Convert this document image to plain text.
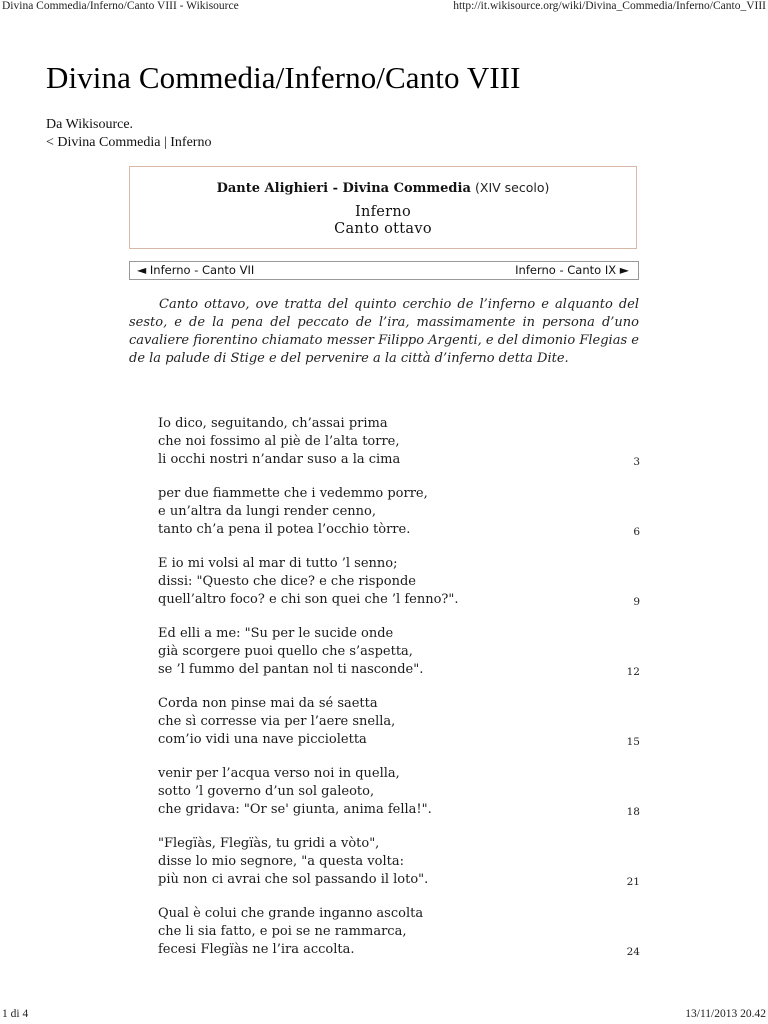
Divina Commedia/Inferno/Canto VIII - Wikisource	http://it.wikisource.org/wiki/Divina_Commedia/Inferno/Canto_VIII
Divina Commedia/Inferno/Canto VIII
Da Wikisource.
< Divina Commedia | Inferno
Dante Alighieri - Divina Commedia (XIV secolo)
Inferno
Canto ottavo
◄ Inferno - Canto VII	Inferno - Canto IX ►

Canto ottavo, ove tratta del quinto cerchio de l’inferno e alquanto del sesto, e de la pena del peccato de l’ira, massimamente in persona d’uno cavaliere fiorentino chiamato messer Filippo Argenti, e del dimonio Flegias e de la palude di Stige e del pervenire a la città d’inferno detta Dite.

Io dico, seguitando, ch’assai prima
che noi fossimo al piè de l’alta torre,
li occhi nostri n’andar suso a la cima	3
per due fiammette che i vedemmo porre,
e un’altra da lungi render cenno,
tanto ch’a pena il potea l’occhio tòrre.	6
E io mi volsi al mar di tutto ’l senno;
dissi: "Questo che dice? e che risponde
quell’altro foco? e chi son quei che ’l fenno?".	9
Ed elli a me: "Su per le sucide onde
già scorgere puoi quello che s’aspetta,
se ’l fummo del pantan nol ti nasconde".	12
Corda non pinse mai da sé saetta
che sì corresse via per l’aere snella,
com’io vidi una nave piccioletta	15
venir per l’acqua verso noi in quella,
sotto ’l governo d’un sol galeoto,
che gridava: "Or se' giunta, anima fella!".	18
"Flegïàs, Flegïàs, tu gridi a vòto",
disse lo mio segnore, "a questa volta:
più non ci avrai che sol passando il loto".	21
Qual è colui che grande inganno ascolta
che li sia fatto, e poi se ne rammarca,
fecesi Flegïàs ne l’ira accolta.	24
1 di 4	13/11/2013 20.42
